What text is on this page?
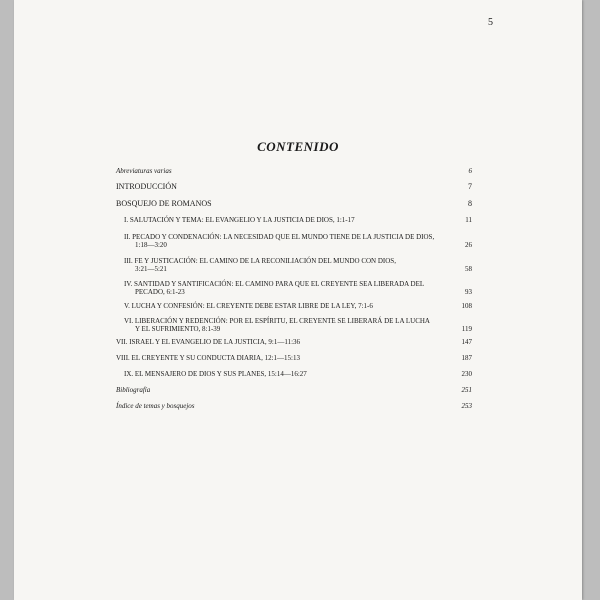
5
CONTENIDO
Abreviaturas varias	6
INTRODUCCIÓN	7
BOSQUEJO DE ROMANOS	8
I. SALUTACIÓN Y TEMA: EL EVANGELIO Y LA JUSTICIA DE DIOS, 1:1-17	11
II. PECADO Y CONDENACIÓN: LA NECESIDAD QUE EL MUNDO TIENE DE LA JUSTICIA DE DIOS,
1:18—3:20	26
III. FE Y JUSTICACIÓN: EL CAMINO DE LA RECONILIACIÓN DEL MUNDO CON DIOS,
3:21—5:21	58
IV. SANTIDAD Y SANTIFICACIÓN: EL CAMINO PARA QUE EL CREYENTE SEA LIBERADA DEL
PECADO, 6:1-23	93
V. LUCHA Y CONFESIÓN: EL CREYENTE DEBE ESTAR LIBRE DE LA LEY, 7:1-6	108
VI. LIBERACIÓN Y REDENCIÓN: POR EL ESPÍRITU, EL CREYENTE SE LIBERARÁ DE LA LUCHA
Y EL SUFRIMIENTO, 8:1-39	119
VII. ISRAEL Y EL EVANGELIO DE LA JUSTICIA, 9:1—11:36	147
VIII. EL CREYENTE Y SU CONDUCTA DIARIA, 12:1—15:13	187
IX. EL MENSAJERO DE DIOS Y SUS PLANES, 15:14—16:27	230
Bibliografía	251
Índice de temas y bosquejos	253
